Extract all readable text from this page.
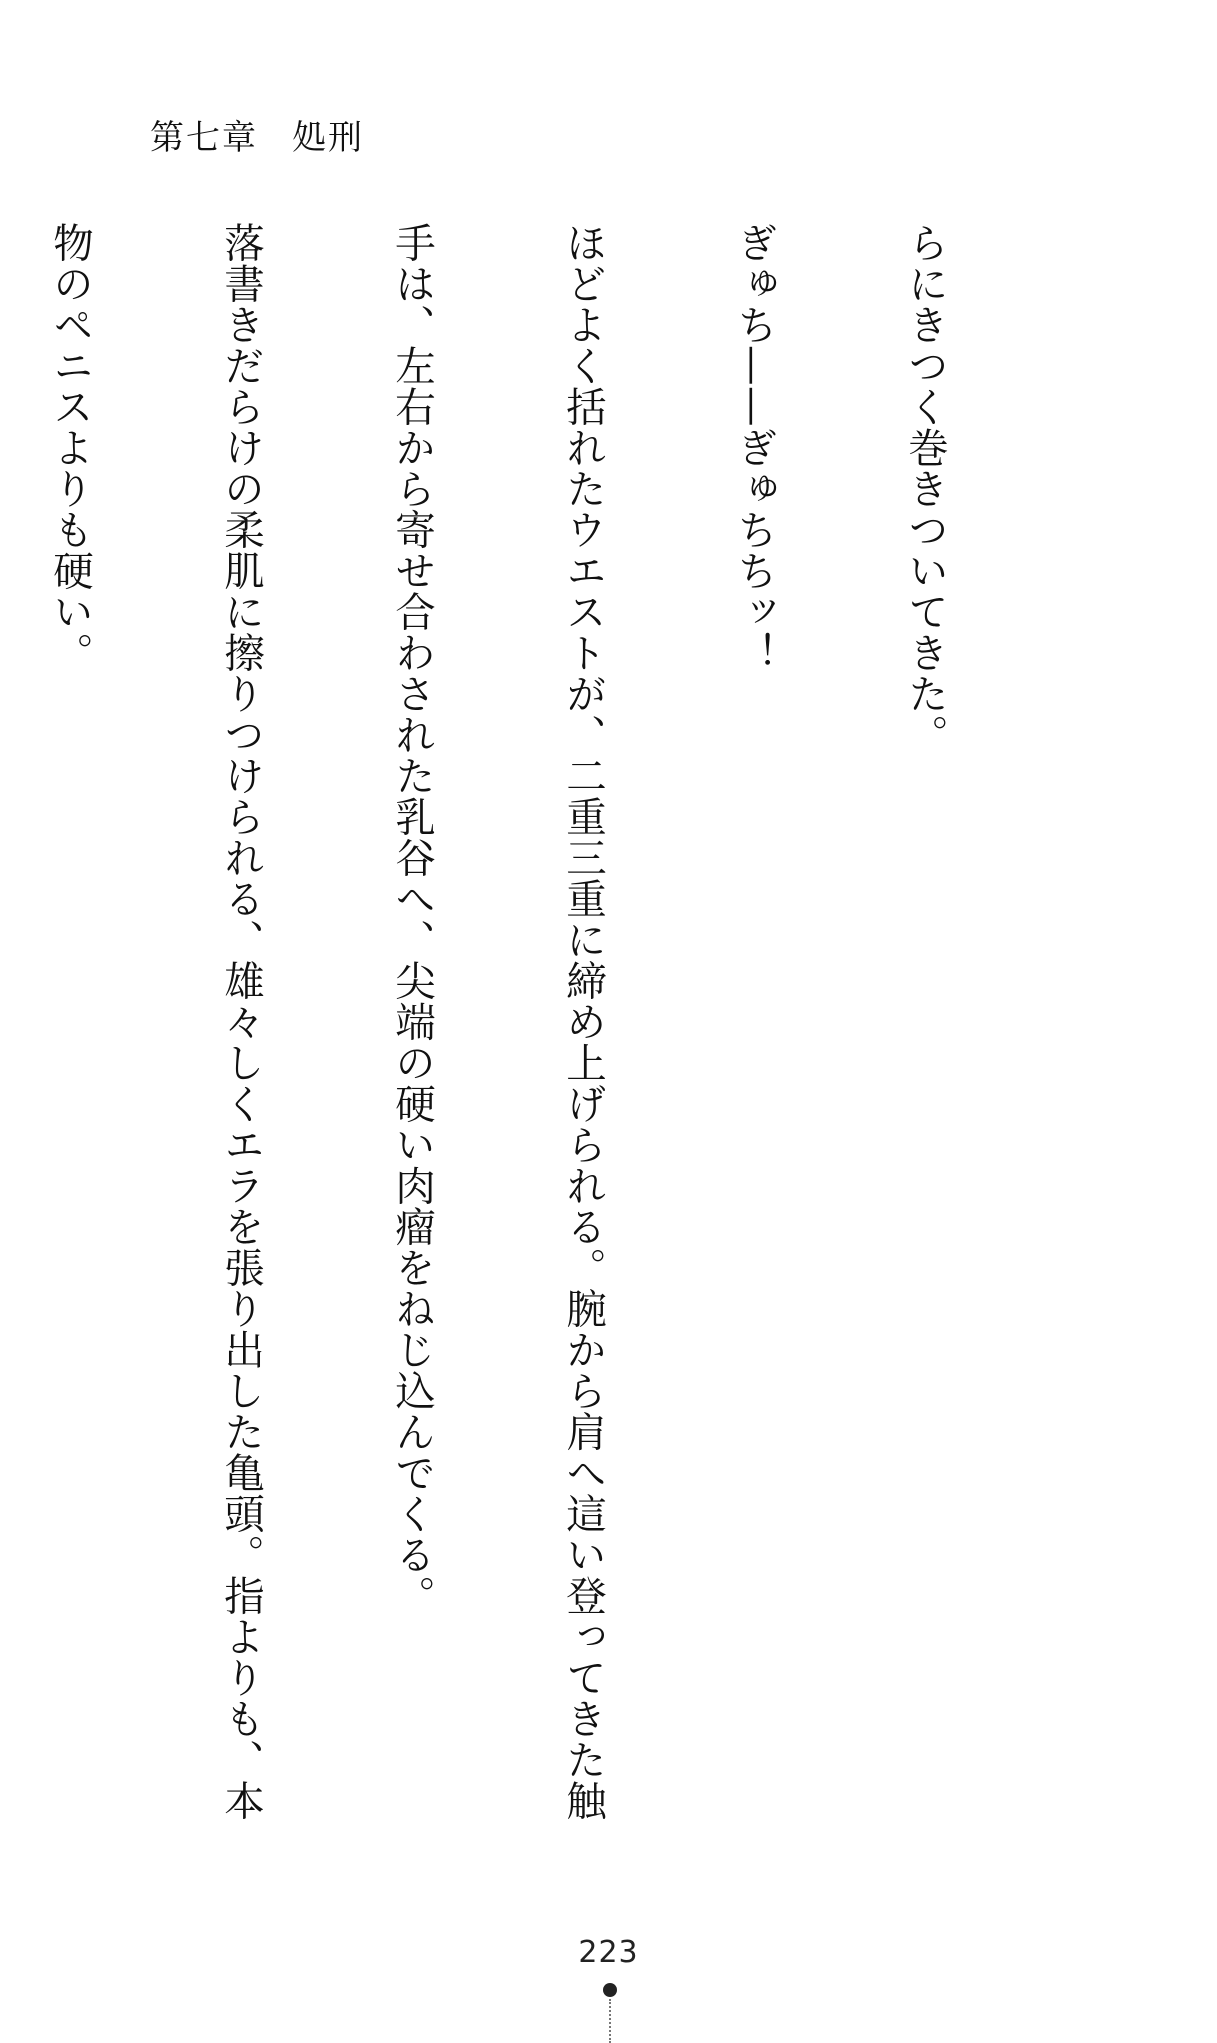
第七章 処刑

らにきつく巻きついてきた。

ぎゅち——ぎゅちちッ！

ほどよく括れたウエストが、二重三重に締め上げられる。腕から肩へ這い登ってきた触

手は、左右から寄せ合わされた乳谷へ、尖端の硬い肉瘤をねじ込んでくる。

落書きだらけの柔肌に擦りつけられる、雄々しくエラを張り出した亀頭。指よりも、本

物のペニスよりも硬い。

223
